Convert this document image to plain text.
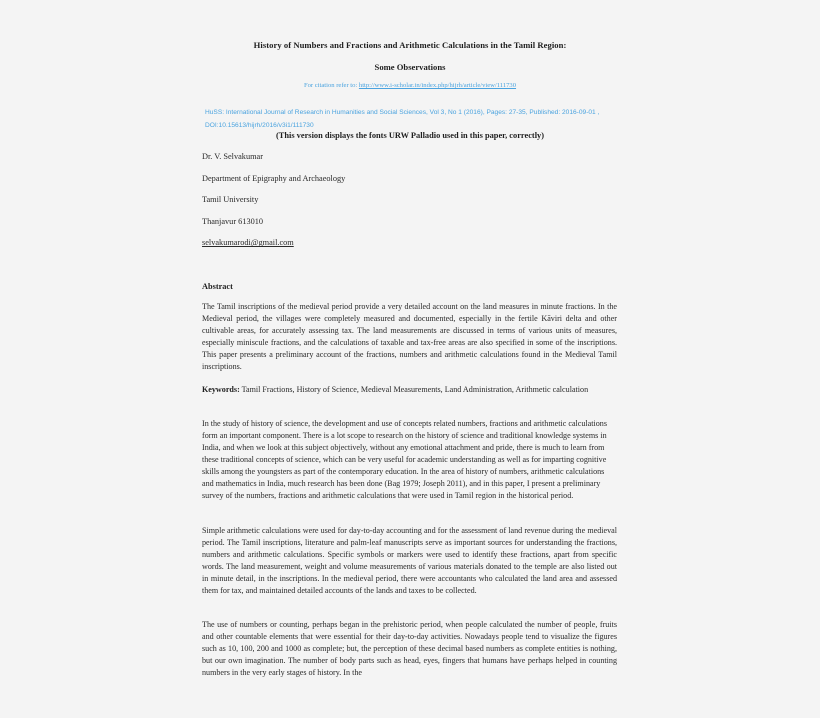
History of Numbers and Fractions and Arithmetic Calculations in the Tamil Region:
Some Observations
For citation refer to: http://www.i-scholar.in/index.php/hijrh/article/view/111730
HuSS: International Journal of Research in Humanities and Social Sciences, Vol 3, No 1 (2016), Pages: 27-35, Published: 2016-09-01 , DOI:10.15613/hijrh/2016/v3i1/111730
(This version displays the fonts URW Palladio used in this paper, correctly)
Dr. V. Selvakumar
Department of Epigraphy and Archaeology
Tamil University
Thanjavur 613010
selvakumarodi@gmail.com
Abstract
The Tamil inscriptions of the medieval period provide a very detailed account on the land measures in minute fractions. In the Medieval period, the villages were completely measured and documented, especially in the fertile Kāviri delta and other cultivable areas, for accurately assessing tax. The land measurements are discussed in terms of various units of measures, especially miniscule fractions, and the calculations of taxable and tax-free areas are also specified in some of the inscriptions. This paper presents a preliminary account of the fractions, numbers and arithmetic calculations found in the Medieval Tamil inscriptions.
Keywords: Tamil Fractions, History of Science, Medieval Measurements, Land Administration, Arithmetic calculation
In the study of history of science, the development and use of concepts related numbers, fractions and arithmetic calculations form an important component. There is a lot scope to research on the history of science and traditional knowledge systems in India, and when we look at this subject objectively, without any emotional attachment and pride, there is much to learn from these traditional concepts of science, which can be very useful for academic understanding as well as for imparting cognitive skills among the youngsters as part of the contemporary education. In the area of history of numbers, arithmetic calculations and mathematics in India, much research has been done (Bag 1979; Joseph 2011), and in this paper, I present a preliminary survey of the numbers, fractions and arithmetic calculations that were used in Tamil region in the historical period.
Simple arithmetic calculations were used for day-to-day accounting and for the assessment of land revenue during the medieval period. The Tamil inscriptions, literature and palm-leaf manuscripts serve as important sources for understanding the fractions, numbers and arithmetic calculations. Specific symbols or markers were used to identify these fractions, apart from specific words. The land measurement, weight and volume measurements of various materials donated to the temple are also listed out in minute detail, in the inscriptions. In the medieval period, there were accountants who calculated the land area and assessed them for tax, and maintained detailed accounts of the lands and taxes to be collected.
The use of numbers or counting, perhaps began in the prehistoric period, when people calculated the number of people, fruits and other countable elements that were essential for their day-to-day activities. Nowadays people tend to visualize the figures such as 10, 100, 200 and 1000 as complete; but, the perception of these decimal based numbers as complete entities is nothing, but our own imagination. The number of body parts such as head, eyes, fingers that humans have perhaps helped in counting numbers in the very early stages of history. In the
